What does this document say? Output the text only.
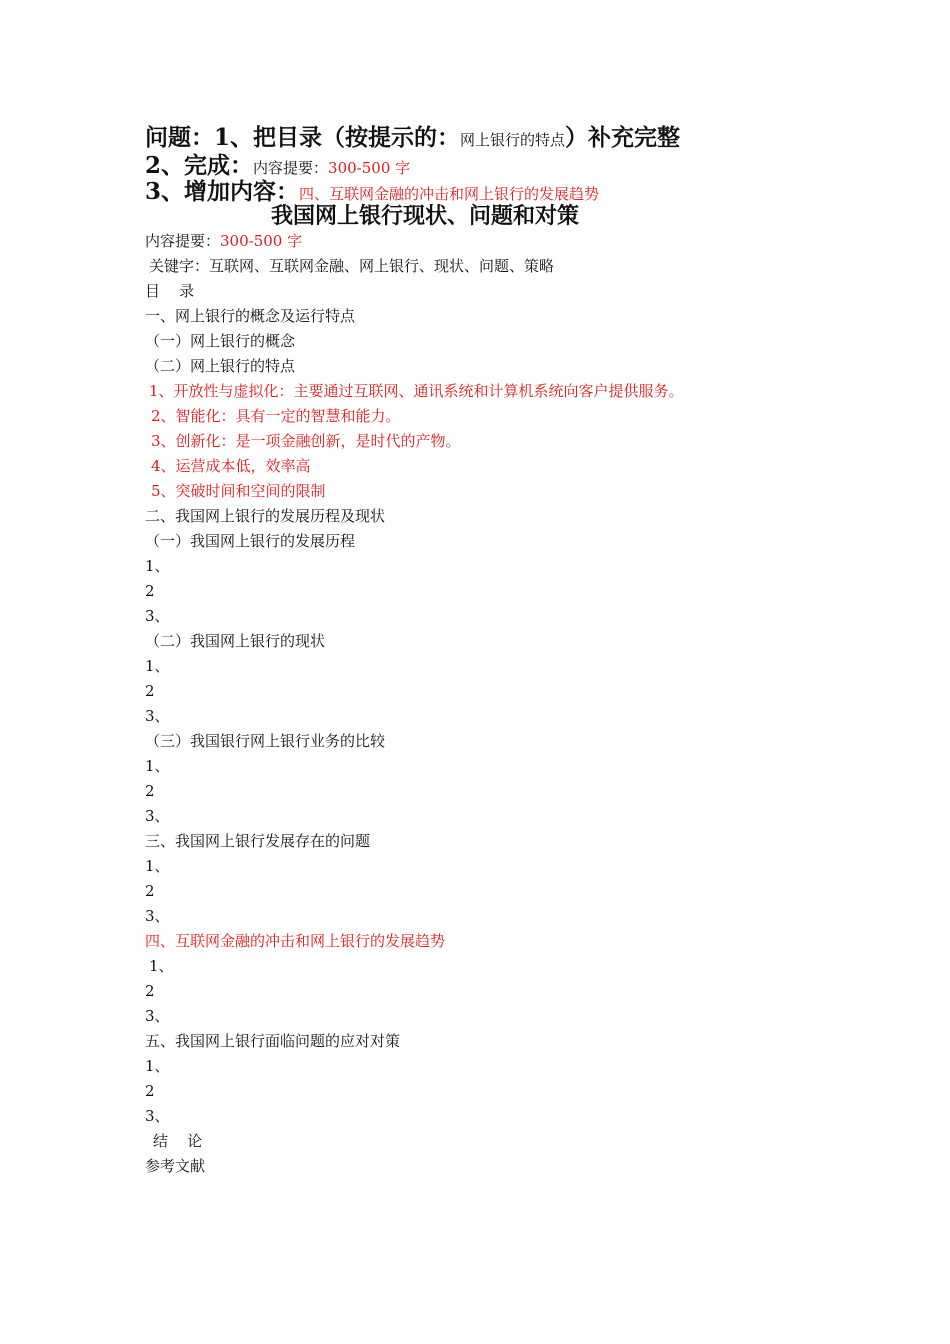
问题：1、把目录（按提示的：网上银行的特点）补充完整
2、完成：内容提要：300-500 字
3、增加内容：四、互联网金融的冲击和网上银行的发展趋势
我国网上银行现状、问题和对策
内容提要：300-500 字
关键字：互联网、互联网金融、网上银行、现状、问题、策略
目    录
一、网上银行的概念及运行特点
（一）网上银行的概念
（二）网上银行的特点
1、开放性与虚拟化：主要通过互联网、通讯系统和计算机系统向客户提供服务。
2、智能化：具有一定的智慧和能力。
3、创新化：是一项金融创新，是时代的产物。
4、运营成本低，效率高
5、突破时间和空间的限制
二、我国网上银行的发展历程及现状
（一）我国网上银行的发展历程
1、
2
3、
（二）我国网上银行的现状
1、
2
3、
（三）我国银行网上银行业务的比较
1、
2
3、
三、我国网上银行发展存在的问题
1、
2
3、
四、互联网金融的冲击和网上银行的发展趋势
1、
2
3、
五、我国网上银行面临问题的应对对策
1、
2
3、
结    论
参考文献
